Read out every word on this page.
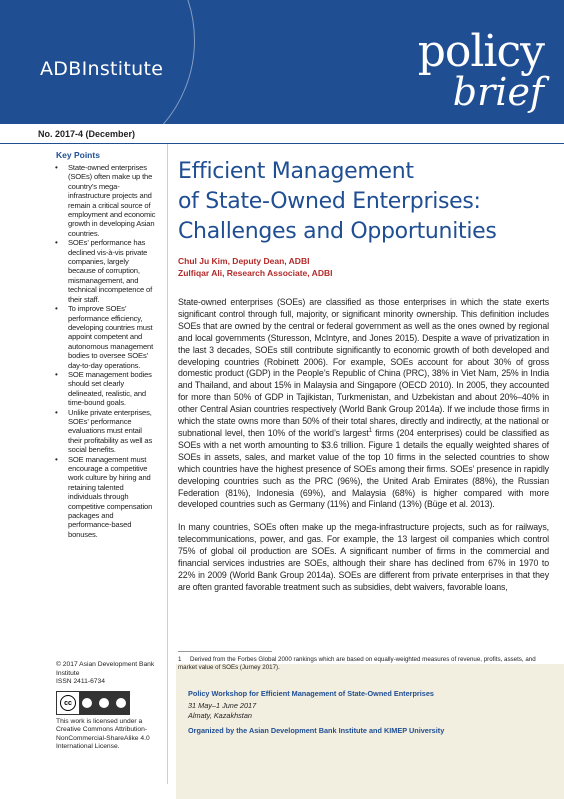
ADBInstitute	policy
brief
No. 2017-4 (December)
Key Points
• State-owned enterprises (SOEs) often make up the country’s mega-infrastructure projects and remain a critical source of employment and economic growth in developing Asian countries.
• SOEs’ performance has declined vis-à-vis private companies, largely because of corruption, mismanagement, and technical incompetence of their staff.
• To improve SOEs’ performance efficiency, developing countries must appoint competent and autonomous management bodies to oversee SOEs’ day-to-day operations.
• SOE management bodies should set clearly delineated, realistic, and time-bound goals.
• Unlike private enterprises, SOEs’ performance evaluations must entail their profitability as well as social benefits.
• SOE management must encourage a competitive work culture by hiring and retaining talented individuals through competitive compensation packages and performance-based bonuses.
Efficient Management
of State-Owned Enterprises:
Challenges and Opportunities
Chul Ju Kim, Deputy Dean, ADBI
Zulfiqar Ali, Research Associate, ADBI

State-owned enterprises (SOEs) are classified as those enterprises in which the state exerts significant control through full, majority, or significant minority ownership. This definition includes SOEs that are owned by the central or federal government as well as the ones owned by regional and local governments (Sturesson, McIntyre, and Jones 2015). Despite a wave of privatization in the last 3 decades, SOEs still contribute significantly to economic growth of both developed and developing countries (Robinett 2006). For example, SOEs account for about 30% of gross domestic product (GDP) in the People’s Republic of China (PRC), 38% in Viet Nam, 25% in India and Thailand, and about 15% in Malaysia and Singapore (OECD 2010). In 2005, they accounted for more than 50% of GDP in Tajikistan, Turkmenistan, and Uzbekistan and about 20%–40% in other Central Asian countries respectively (World Bank Group 2014a). If we include those firms in which the state owns more than 50% of their total shares, directly and indirectly, at the national or subnational level, then 10% of the world’s largest$^1$ firms (204 enterprises) could be classified as SOEs with a net worth amounting to $3.6 trillion. Figure 1 details the equally weighted shares of SOEs in assets, sales, and market value of the top 10 firms in the selected countries to show which countries have the highest presence of SOEs among their firms. SOEs’ presence in rapidly developing countries such as the PRC (96%), the United Arab Emirates (88%), the Russian Federation (81%), Indonesia (69%), and Malaysia (68%) is higher compared with more developed countries such as Germany (11%) and Finland (13%) (Büge et al. 2013).

In many countries, SOEs often make up the mega-infrastructure projects, such as for railways, telecommunications, power, and gas. For example, the 13 largest oil companies which control 75% of global oil production are SOEs. A significant number of firms in the commercial and financial services industries are SOEs, although their share has declined from 67% in 1970 to 22% in 2009 (World Bank Group 2014a). SOEs are different from private enterprises in that they are often granted favorable treatment such as subsidies, debt waivers, favorable loans,

Policy Workshop for Efficient Management of State-Owned Enterprises
31 May–1 June 2017
Almaty, Kazakhstan
Organized by the Asian Development Bank Institute and KIMEP University
1 Derived from the Forbes Global 2000 rankings which are based on equally-weighted measures of revenue, profits, assets, and market value of SOEs (Jurney 2017).
© 2017 Asian Development Bank Institute
ISSN 2411-6734
cc
This work is licensed under a Creative Commons Attribution-NonCommercial-ShareAlike 4.0 International License.
